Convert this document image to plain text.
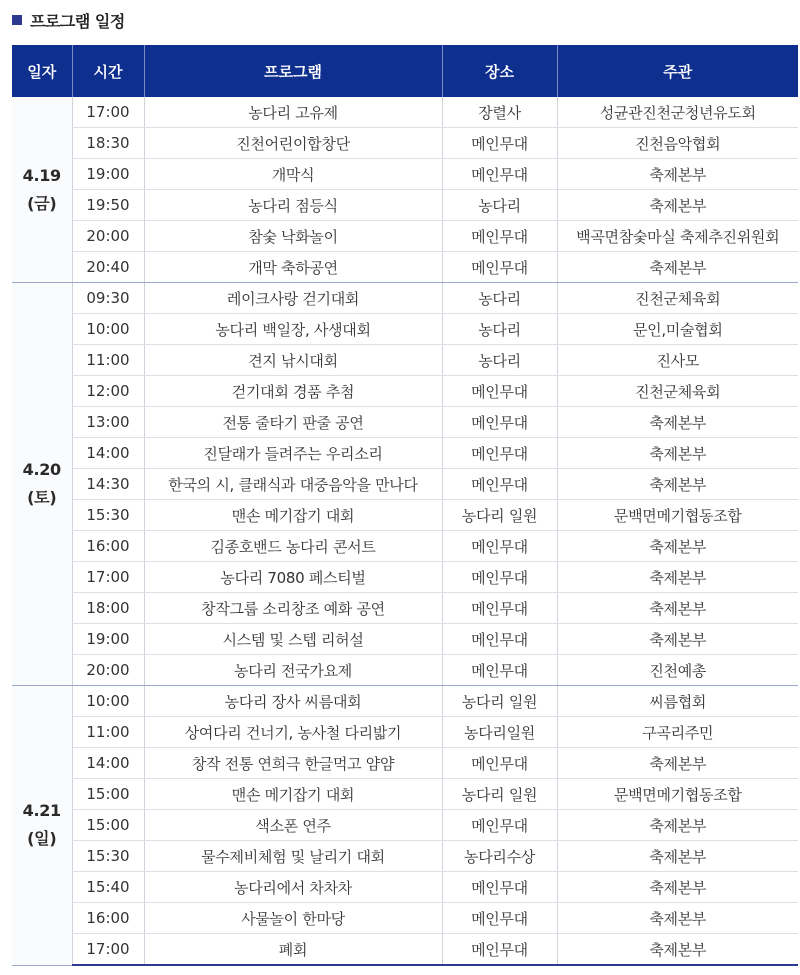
프로그램 일정
일자	시간	프로그램	장소	주관

4.19
(금)	17:00	농다리 고유제	장렬사	성균관진천군청년유도회
	18:30	진천어린이합창단	메인무대	진천음악협회
	19:00	개막식	메인무대	축제본부
	19:50	농다리 점등식	농다리	축제본부
	20:00	참숯 낙화놀이	메인무대	백곡면참숯마실 축제추진위원회
	20:40	개막 축하공연	메인무대	축제본부

4.20
(토)	09:30	레이크사랑 걷기대회	농다리	진천군체육회
	10:00	농다리 백일장, 사생대회	농다리	문인,미술협회
	11:00	견지 낚시대회	농다리	진사모
	12:00	걷기대회 경품 추첨	메인무대	진천군체육회
	13:00	전통 줄타기 판줄 공연	메인무대	축제본부
	14:00	진달래가 들려주는 우리소리	메인무대	축제본부
	14:30	한국의 시, 클래식과 대중음악을 만나다	메인무대	축제본부
	15:30	맨손 메기잡기 대회	농다리 일원	문백면메기협동조합
	16:00	김종호밴드 농다리 콘서트	메인무대	축제본부
	17:00	농다리 7080 페스티벌	메인무대	축제본부
	18:00	창작그룹 소리창조 예화 공연	메인무대	축제본부
	19:00	시스템 및 스텝 리허설	메인무대	축제본부
	20:00	농다리 전국가요제	메인무대	진천예총

4.21
(일)	10:00	농다리 장사 씨름대회	농다리 일원	씨름협회
	11:00	상여다리 건너기, 농사철 다리밟기	농다리일원	구곡리주민
	14:00	창작 전통 연희극 한글먹고 얌얌	메인무대	축제본부
	15:00	맨손 메기잡기 대회	농다리 일원	문백면메기협동조합
	15:00	색소폰 연주	메인무대	축제본부
	15:30	물수제비체험 및 날리기 대회	농다리수상	축제본부
	15:40	농다리에서 차차차	메인무대	축제본부
	16:00	사물놀이 한마당	메인무대	축제본부
	17:00	폐회	메인무대	축제본부
